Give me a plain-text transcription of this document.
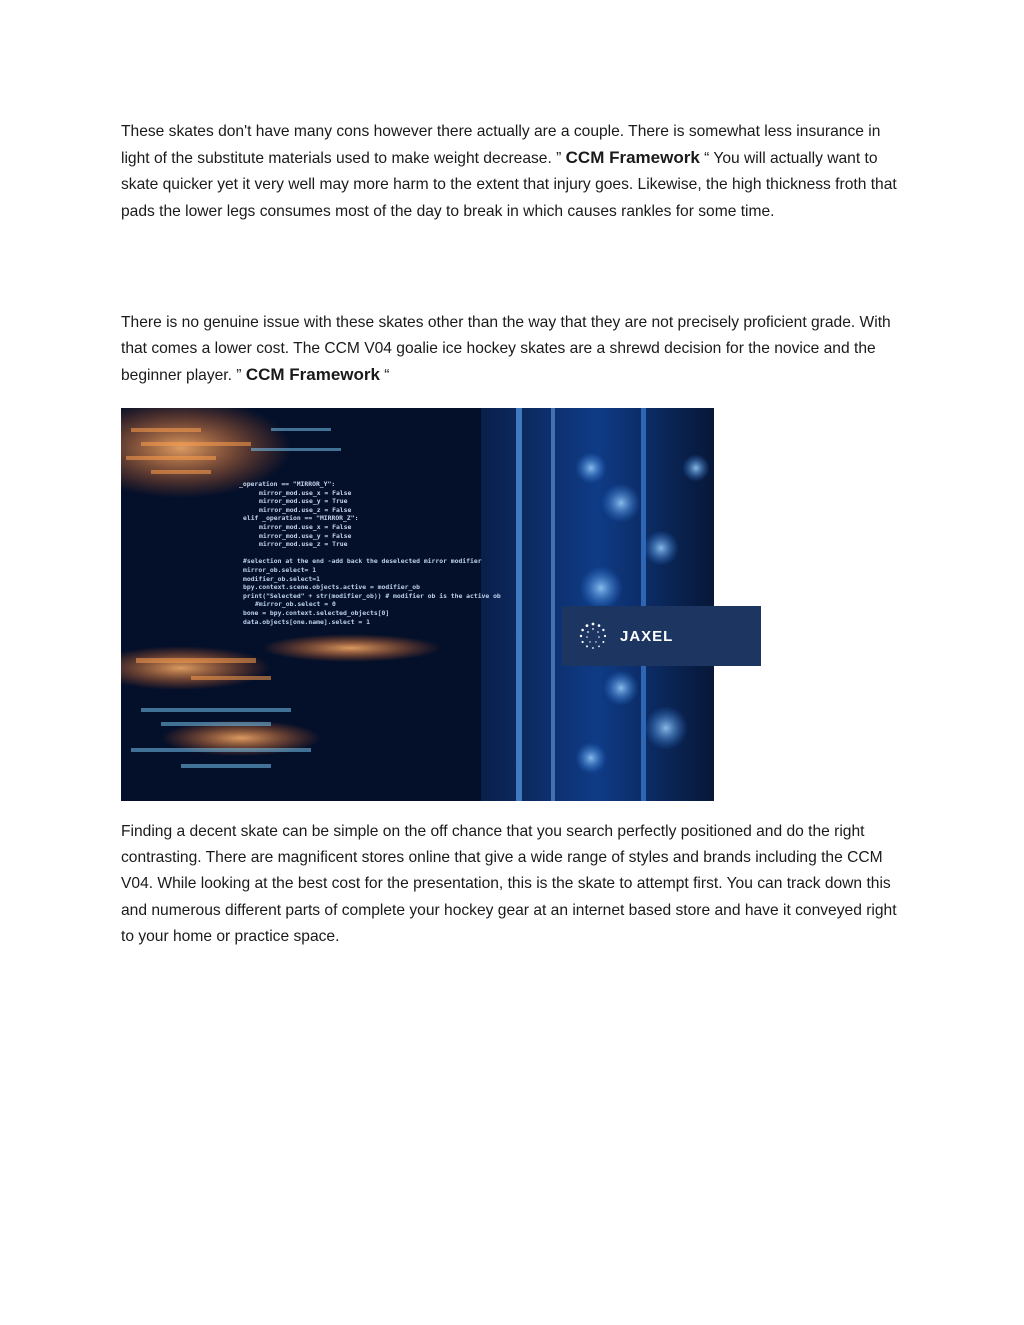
These skates don't have many cons however there actually are a couple. There is somewhat less insurance in light of the substitute materials used to make weight decrease. ” CCM Framework “ You will actually want to skate quicker yet it very well may more harm to the extent that injury goes. Likewise, the high thickness froth that pads the lower legs consumes most of the day to break in which causes rankles for some time.

There is no genuine issue with these skates other than the way that they are not precisely proficient grade. With that comes a lower cost. The CCM V04 goalie ice hockey skates are a shrewd decision for the novice and the beginner player. ” CCM Framework “

_operation == "MIRROR_Y":
mirror_mod.use_x = False
mirror_mod.use_y = True
mirror_mod.use_z = False
elif _operation == "MIRROR_Z":
mirror_mod.use_x = False
mirror_mod.use_y = False
mirror_mod.use_z = True
#selection at the end -add back the deselected mirror modifier
mirror_ob.select= 1
modifier_ob.select=1
bpy.context.scene.objects.active = modifier_ob
print("Selected" + str(modifier_ob)) # modifier ob is the active ob
#mirror_ob.select = 0
bone = bpy.context.selected_objects[0]
data.objects[one.name].select = 1
JAXEL

Finding a decent skate can be simple on the off chance that you search perfectly positioned and do the right contrasting. There are magnificent stores online that give a wide range of styles and brands including the CCM V04. While looking at the best cost for the presentation, this is the skate to attempt first. You can track down this and numerous different parts of complete your hockey gear at an internet based store and have it conveyed right to your home or practice space.
